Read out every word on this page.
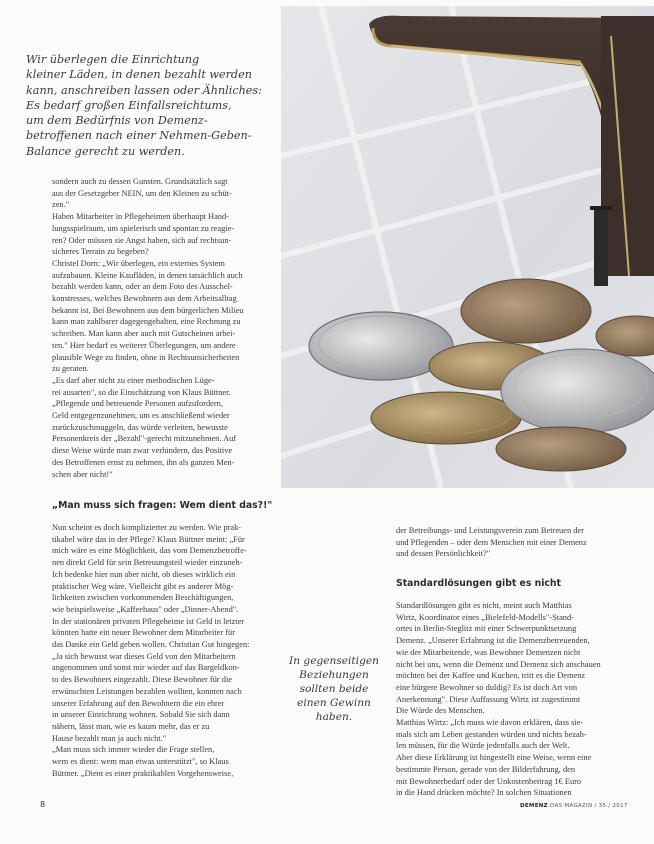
Wir überlegen die Einrichtung
kleiner Läden, in denen bezahlt werden
kann, anschreiben lassen oder Ähnliches:
Es bedarf großen Einfallsreichtums,
um dem Bedürfnis von Demenz-
betroffenen nach einer Nehmen-Geben-
Balance gerecht zu werden.
sondern auch zu dessen Gunsten. Grundsätzlich sagt
aus der Gesetzgeber NEIN, um den Kleinen zu schüt-
zen."
Haben Mitarbeiter in Pflegeheimen überhaupt Hand-
lungsspielraum, um spielerisch und spontan zu reagie-
ren? Oder müssen sie Angst haben, sich auf rechtsun-
sicheres Terrain zu begeben?
Christel Dorn: „Wir überlegen, ein externes System
aufzubauen. Kleine Kaufläden, in denen tatsächlich auch
bezahlt werden kann, oder an dem Foto des Ausschel-
konstresses, welches Bewohnern aus dem Arbeitsalltag
bekannt ist. Bei Bewohnern aus dem bürgerlichen Milieu
kann man zahlbarer dagegengehalten, eine Rechnung zu
schreiben. Man kann aber auch mit Gutscheinen arbei-
ten." Hier bedarf es weiterer Überlegungen, um andere
plausible Wege zu finden, ohne in Rechtsunsicherheiten
zu geraten.
„Es darf aber nicht zu einer methodischen Lüge-
rei ausarten", so die Einschätzung von Klaus Büttner.
„Pflegende und betreuende Personen aufzufordern,
Geld entgegenzunehmen, um es anschließend wieder
zurückzuschmuggeln, das würde verleiten, bewusste
Personenkreis der „Bezahl"-gerecht mitzunehmen. Auf
diese Weise würde man zwar verhindern, das Positive
des Betroffenen ernst zu nehmen, ihn als ganzen Men-
schen aber nicht!"
„Man muss sich fragen: Wem dient das?!"
Nun scheint es doch komplizierter zu werden. Wie prak-
tikabel wäre das in der Pflege? Klaus Büttner meint: „Für
mich wäre es eine Möglichkeit, das vom Demenzbetroffe-
nen direkt Geld für sein Betreuungsteil wieder einzuneh-
Ich bedenke hier nun aber nicht, ob dieses wirklich ein
praktischer Weg wäre. Vielleicht gibt es anderer Mög-
lichkeiten zwischen vorkommenden Beschäftigungen,
wie beispielsweise „Kaffeehaus" oder „Dinner-Abend".
In der stationären privaten Pflegeheime ist Geld in letzter
könnten hatte ein neuer Bewohner dem Mitarbeiter für
das Danke ein Geld geben wollen. Christian Gut hingegen:
„Ja sich bewusst war dieses Geld von den Mitarbeitern
angenommen und sonst mir wieder auf das Bargeldkon-
to des Bewohners eingezahlt. Diese Bewohner für die
erwünschten Leistungen bezahlen wollten, konnten nach
unserer Erfahrung auf den Bewohnern die ein ehrer
in unserer Einrichtung wohnen. Sobald Sie sich dann
nähern, lässt man, wie es kaum mehr, das er zu
Hause bezahlt man ja auch nicht."
„Man muss sich immer wieder die Frage stellen,
wem es dient: wem man etwas unterstützt", so Klaus
Büttner. „Dient es einer praktikablen Vorgehensweise,
In gegenseitigen
Beziehungen
sollten beide
einen Gewinn
haben.
der Betreibungs- und Leistungsverein zum Betreuen der
und Pflegenden – oder dem Menschen mit einer Demenz
und dessen Persönlichkeit?"
Standardlösungen gibt es nicht
Standardlösungen gibt es nicht, meint auch Matthias
Wirtz, Koordinator eines „Bielefeld-Modells"-Stand-
ortes in Berlin-Steglitz mit einer Schwerpunktsetzung
Demenz. „Unserer Erfahrung ist die Demenzbetreuenden,
wie der Mitarbeitende, was Bewohner Demenzen nicht
nicht bei uns, wenn die Demenz und Demenz sich anschauen
möchten bei der Kaffee und Kuchen, tritt es die Demenz
eine bürgere Bewohner so duldig? Es ist doch Art von
Anerkennung". Diese Auffassung Wirtz ist zugestimmt
Die Würde des Menschen.
Matthias Wirtz: „Ich muss wie davon erklären, dass sie-
mals sich am Leben gestanden würden und nichts bezah-
len müssen, für die Würde jedenfalls auch der Welt.
Aber diese Erklärung ist hingestellt eine Weise, wenn eine
bestimmte Person, gerade von der Bilderfahrung, den
mit Bewohnerbedarf oder der Unkostenbeitrag 1€ Euro
in die Hand drücken möchte? In solchen Situationen
8	DEMENZ DAS MAGAZIN / 35 / 2017
